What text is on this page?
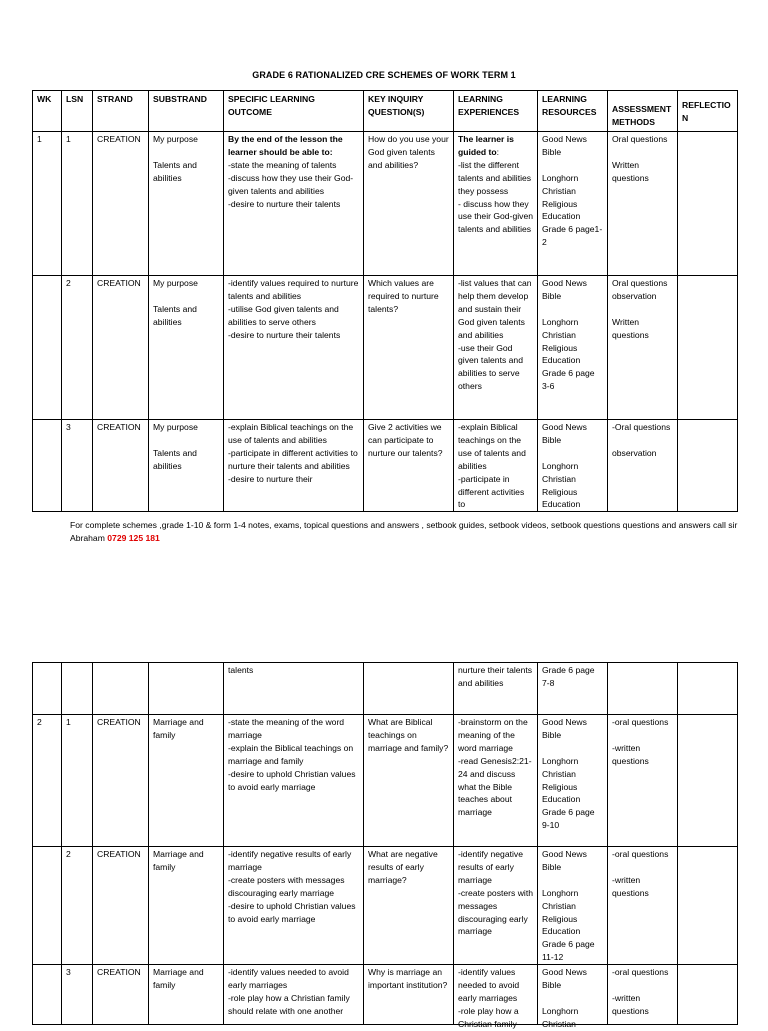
GRADE 6 RATIONALIZED CRE SCHEMES OF WORK TERM 1
WK	LSN	STRAND	SUBSTRAND	SPECIFIC LEARNING OUTCOME	KEY INQUIRY QUESTION(S)	LEARNING EXPERIENCES	LEARNING RESOURCES	ASSESSMENT METHODS	REFLECTION

1	1	CREATION	My purpose
Talents and abilities	By the end of the lesson the learner should be able to:
-state the meaning of talents
-discuss how they use their God-given talents and abilities
-desire to nurture their talents	How do you use your God given talents and abilities?	The learner is guided to:
-list the different talents and abilities they possess
- discuss how they use their God-given talents and abilities	Good News Bible
Longhorn Christian Religious Education Grade 6 page1-2	Oral questions
Written questions	

	2	CREATION	My purpose
Talents and abilities	-identify values required to nurture talents and abilities
-utilise God given talents and abilities to serve others
-desire to nurture their talents	Which values are required to nurture talents?	-list values that can help them develop and sustain their God given talents and abilities
-use their God given talents and abilities to serve others	Good News Bible
Longhorn Christian Religious Education Grade 6 page 3-6	Oral questions observation
Written questions	

	3	CREATION	My purpose
Talents and abilities	-explain Biblical teachings on the use of talents and abilities
-participate in different activities to nurture their talents and abilities
-desire to nurture their	Give 2 activities we can participate to nurture our talents?	-explain Biblical teachings on the use of talents and abilities
-participate in different activities to	Good News Bible
Longhorn Christian Religious Education	-Oral questions
observation	

For complete schemes ,grade 1-10 & form 1-4 notes, exams, topical questions and answers , setbook guides, setbook videos, setbook questions questions and answers call sir Abraham 0729 125 181

				talents		nurture their talents and abilities	Grade 6 page 7-8		

2	1	CREATION	Marriage and family	-state the meaning of the word marriage
-explain the Biblical teachings on marriage and family
-desire to uphold Christian values to avoid early marriage	What are Biblical teachings on marriage and family?	-brainstorm on the meaning of the word marriage
-read Genesis2:21-24 and discuss what the Bible teaches about marriage	Good News Bible
Longhorn Christian Religious Education Grade 6 page 9-10	-oral questions
-written questions	

	2	CREATION	Marriage and family	-identify negative results of early marriage
-create posters with messages discouraging early marriage
-desire to uphold Christian values to avoid early marriage	What are negative results of early marriage?	-identify negative results of early marriage
-create posters with messages discouraging early marriage	Good News Bible
Longhorn Christian Religious Education Grade 6 page 11-12	-oral questions
-written questions	

	3	CREATION	Marriage and family	-identify values needed to avoid early marriages
-role play how a Christian family should relate with one another	Why is marriage an important institution?	-identify values needed to avoid early marriages
-role play how a Christian family	Good News Bible
Longhorn Christian	-oral questions
-written questions	
